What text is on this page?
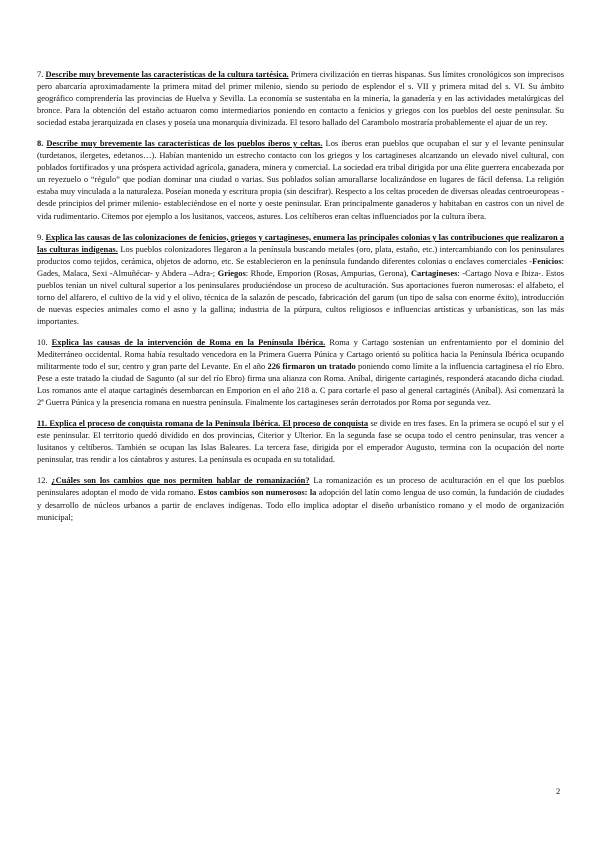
7. Describe muy brevemente las características de la cultura tartésica. Primera civilización en tierras hispanas. Sus límites cronológicos son imprecisos pero abarcaría aproximadamente la primera mitad del primer milenio, siendo su periodo de esplendor el s. VII y primera mitad del s. VI. Su ámbito geográfico comprendería las provincias de Huelva y Sevilla. La economía se sustentaba en la minería, la ganadería y en las actividades metalúrgicas del bronce. Para la obtención del estaño actuaron como intermediarios poniendo en contacto a fenicios y griegos con los pueblos del oeste peninsular. Su sociedad estaba jerarquizada en clases y poseía una monarquía divinizada. El tesoro hallado del Carambolo mostraría probablemente el ajuar de un rey.

8. Describe muy brevemente las características de los pueblos íberos y celtas. Los íberos eran pueblos que ocupaban el sur y el levante peninsular (turdetanos, ilergetes, edetanos…). Habían mantenido un estrecho contacto con los griegos y los cartagineses alcanzando un elevado nivel cultural, con poblados fortificados y una próspera actividad agrícola, ganadera, minera y comercial. La sociedad era tribal dirigida por una élite guerrera encabezada por un reyezuelo o “régulo” que podían dominar una ciudad o varias. Sus poblados solían amurallarse localizándose en lugares de fácil defensa. La religión estaba muy vinculada a la naturaleza. Poseían moneda y escritura propia (sin descifrar). Respecto a los celtas proceden de diversas oleadas centroeuropeas -desde principios del primer milenio- estableciéndose en el norte y oeste peninsular. Eran principalmente ganaderos y habitaban en castros con un nivel de vida rudimentario. Citemos por ejemplo a los lusitanos, vacceos, astures. Los celtíberos eran celtas influenciados por la cultura íbera.

9. Explica las causas de las colonizaciones de fenicios, griegos y cartagineses, enumera las principales colonias y las contribuciones que realizaron a las culturas indígenas. Los pueblos colonizadores llegaron a la península buscando metales (oro, plata, estaño, etc.) intercambiando con los peninsulares productos como tejidos, cerámica, objetos de adorno, etc. Se establecieron en la península fundando diferentes colonias o enclaves comerciales -Fenicios: Gades, Malaca, Sexi -Almuñécar- y Abdera –Adra-; Griegos: Rhode, Emporion (Rosas, Ampurias, Gerona), Cartagineses: -Cartago Nova e Ibiza-. Estos pueblos tenían un nivel cultural superior a los peninsulares produciéndose un proceso de aculturación. Sus aportaciones fueron numerosas: el alfabeto, el torno del alfarero, el cultivo de la vid y el olivo, técnica de la salazón de pescado, fabricación del garum (un tipo de salsa con enorme éxito), introducción de nuevas especies animales como el asno y la gallina; industria de la púrpura, cultos religiosos e influencias artísticas y urbanísticas, son las más importantes.

10. Explica las causas de la intervención de Roma en la Península Ibérica. Roma y Cartago sostenían un enfrentamiento por el dominio del Mediterráneo occidental. Roma había resultado vencedora en la Primera Guerra Púnica y Cartago orientó su política hacia la Península Ibérica ocupando militarmente todo el sur, centro y gran parte del Levante. En el año 226 firmaron un tratado poniendo como límite a la influencia cartaginesa el río Ebro. Pese a este tratado la ciudad de Sagunto (al sur del río Ebro) firma una alianza con Roma. Aníbal, dirigente cartaginés, responderá atacando dicha ciudad. Los romanos ante el ataque cartaginés desembarcan en Emporion en el año 218 a. C para cortarle el paso al general cartaginés (Aníbal). Así comenzará la 2ª Guerra Púnica y la presencia romana en nuestra península. Finalmente los cartagineses serán derrotados por Roma por segunda vez.

11. Explica el proceso de conquista romana de la Península Ibérica. El proceso de conquista se divide en tres fases. En la primera se ocupó el sur y el este peninsular. El territorio quedó dividido en dos provincias, Citerior y Ulterior. En la segunda fase se ocupa todo el centro peninsular, tras vencer a lusitanos y celtíberos. También se ocupan las Islas Baleares. La tercera fase, dirigida por el emperador Augusto, termina con la ocupación del norte peninsular, tras rendir a los cántabros y astures. La península es ocupada en su totalidad.

12. ¿Cuáles son los cambios que nos permiten hablar de romanización? La romanización es un proceso de aculturación en el que los pueblos peninsulares adoptan el modo de vida romano. Estos cambios son numerosos: la adopción del latín como lengua de uso común, la fundación de ciudades y desarrollo de núcleos urbanos a partir de enclaves indígenas. Todo ello implica adoptar el diseño urbanístico romano y el modo de organización municipal;

2
